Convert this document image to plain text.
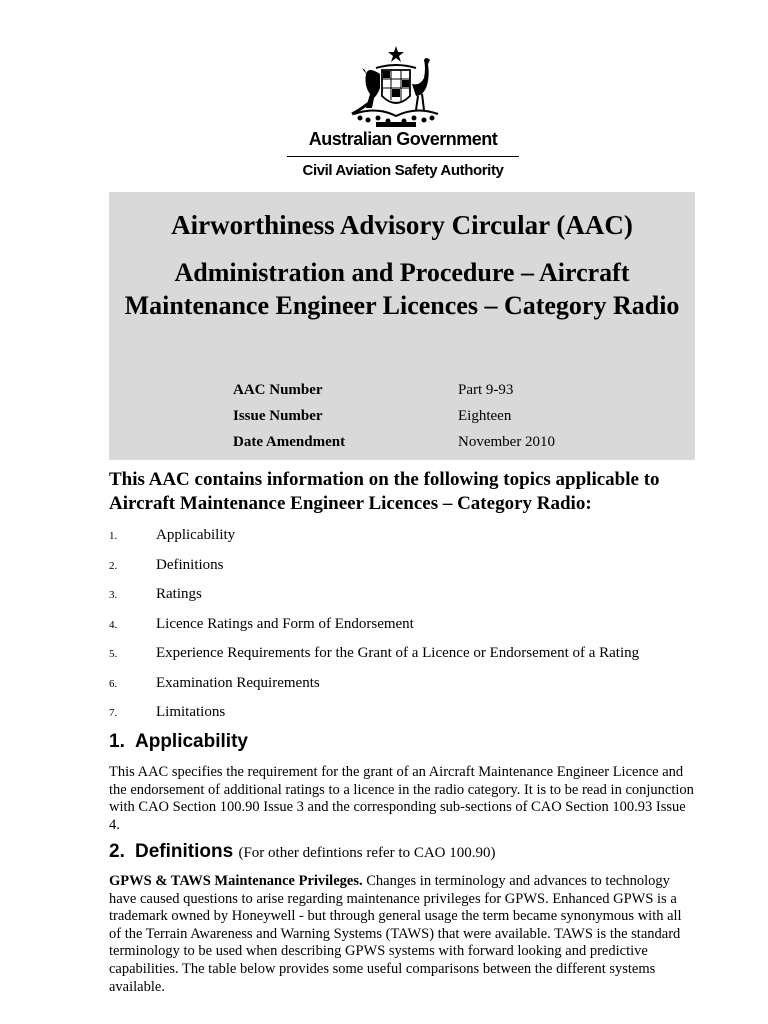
Australian Government
Civil Aviation Safety Authority
Airworthiness Advisory Circular (AAC)
Administration and Procedure – Aircraft Maintenance Engineer Licences – Category Radio
AAC Number	Part 9-93
Issue Number	Eighteen
Date Amendment	November 2010
This AAC contains information on the following topics applicable to Aircraft Maintenance Engineer Licences – Category Radio:
1.	Applicability
2.	Definitions
3.	Ratings
4.	Licence Ratings and Form of Endorsement
5.	Experience Requirements for the Grant of a Licence or Endorsement of a Rating
6.	Examination Requirements
7.	Limitations
1. Applicability
This AAC specifies the requirement for the grant of an Aircraft Maintenance Engineer Licence and the endorsement of additional ratings to a licence in the radio category. It is to be read in conjunction with CAO Section 100.90 Issue 3 and the corresponding sub-sections of CAO Section 100.93 Issue 4.
2. Definitions (For other defintions refer to CAO 100.90)
GPWS & TAWS Maintenance Privileges. Changes in terminology and advances to technology have caused questions to arise regarding maintenance privileges for GPWS. Enhanced GPWS is a trademark owned by Honeywell - but through general usage the term became synonymous with all of the Terrain Awareness and Warning Systems (TAWS) that were available. TAWS is the standard terminology to be used when describing GPWS systems with forward looking and predictive capabilities. The table below provides some useful comparisons between the different systems available.
